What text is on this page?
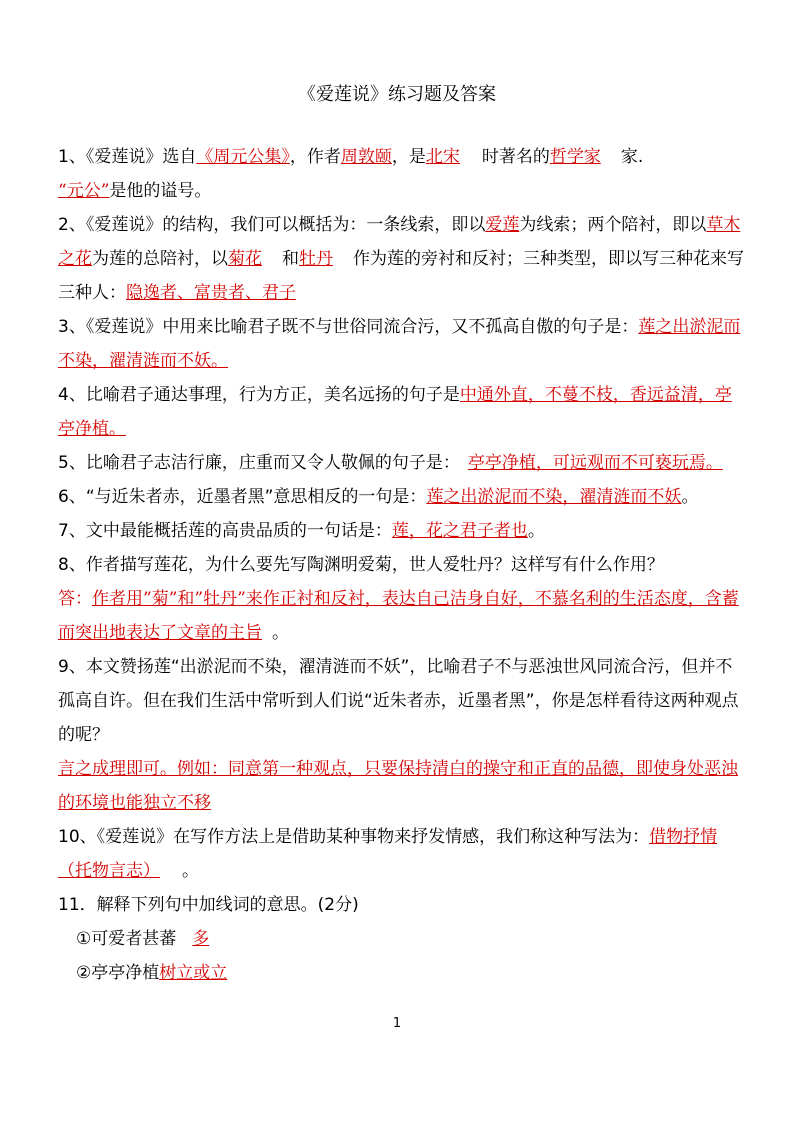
《爱莲说》练习题及答案

1、《爱莲说》选自《周元公集》，作者周敦颐，是北宋 时著名的哲学家 家.
“元公”是他的谥号。

2、《爱莲说》的结构，我们可以概括为：一条线索，即以爱莲为线索；两个陪衬，即以草木之花为莲的总陪衬，以菊花 和牡丹 作为莲的旁衬和反衬；三种类型，即以写三种花来写三种人：隐逸者、富贵者、君子

3、《爱莲说》中用来比喻君子既不与世俗同流合污，又不孤高自傲的句子是：莲之出淤泥而不染，濯清涟而不妖。

4、比喻君子通达事理，行为方正，美名远扬的句子是中通外直，不蔓不枝，香远益清，亭亭净植。

5、比喻君子志洁行廉，庄重而又令人敬佩的句子是： 亭亭净植，可远观而不可亵玩焉。

6、“与近朱者赤，近墨者黑”意思相反的一句是：莲之出淤泥而不染，濯清涟而不妖。

7、文中最能概括莲的高贵品质的一句话是：莲，花之君子者也。

8、作者描写莲花，为什么要先写陶渊明爱菊，世人爱牡丹？这样写有什么作用？
答：作者用”菊”和”牡丹”来作正衬和反衬，表达自己洁身自好，不慕名利的生活态度，含蓄而突出地表达了文章的主旨 。

9、本文赞扬莲“出淤泥而不染，濯清涟而不妖”，比喻君子不与恶浊世风同流合污，但并不孤高自许。但在我们生活中常听到人们说“近朱者赤，近墨者黑”，你是怎样看待这两种观点的呢？
言之成理即可。例如：同意第一种观点，只要保持清白的操守和正直的品德，即使身处恶浊的环境也能独立不移

10、《爱莲说》在写作方法上是借助某种事物来抒发情感，我们称这种写法为：借物抒情（托物言志） 。

11．解释下列句中加线词的意思。(2分)
①可爱者甚蕃 多
②亭亭净植树立或立

1
